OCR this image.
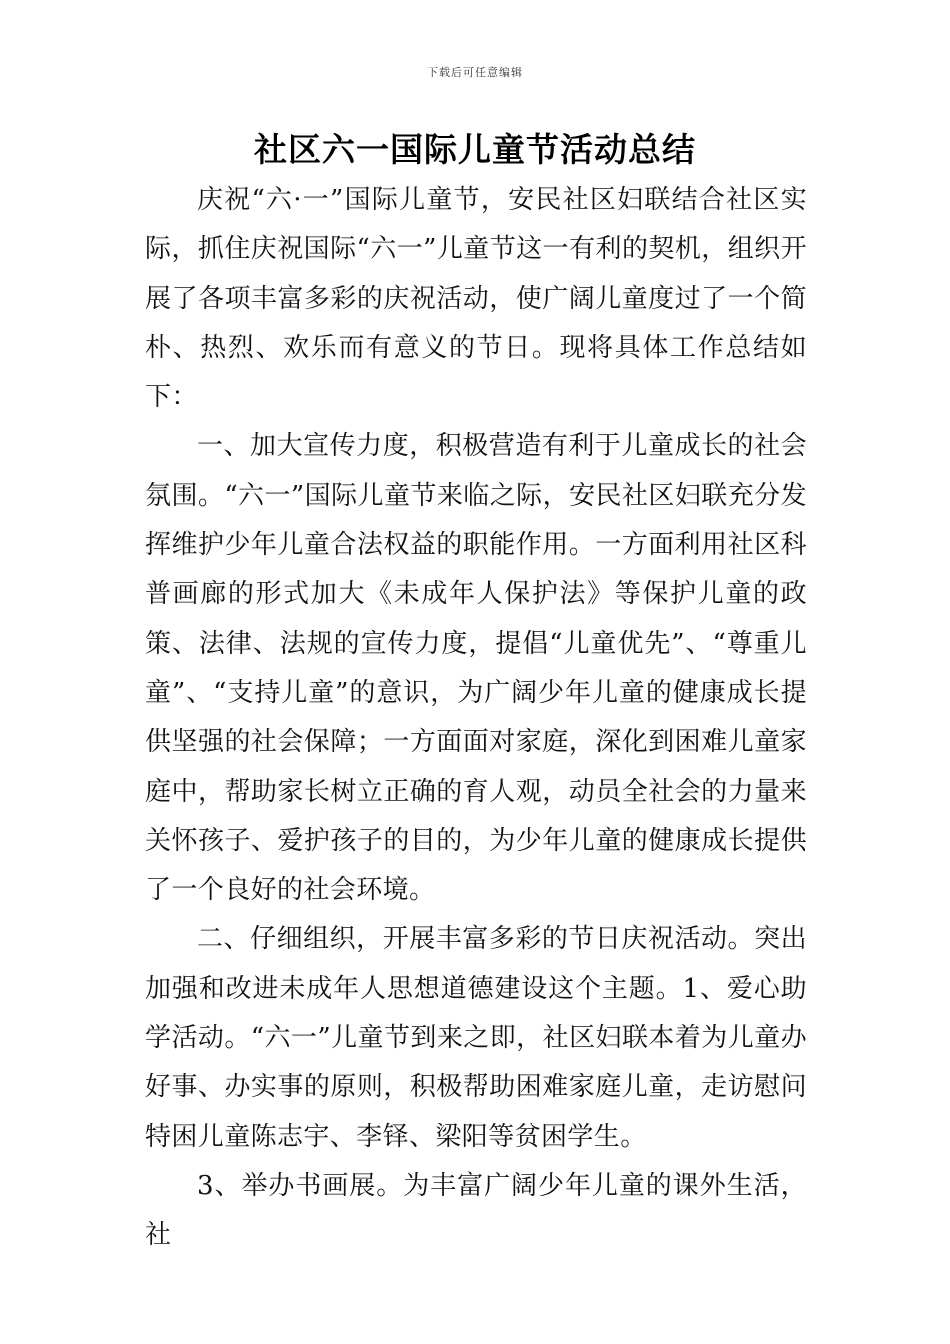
下载后可任意编辑
社区六一国际儿童节活动总结

庆祝“六·一”国际儿童节，安民社区妇联结合社区实际，抓住庆祝国际“六一”儿童节这一有利的契机，组织开展了各项丰富多彩的庆祝活动，使广阔儿童度过了一个简朴、热烈、欢乐而有意义的节日。现将具体工作总结如下：

一、加大宣传力度，积极营造有利于儿童成长的社会氛围。“六一”国际儿童节来临之际，安民社区妇联充分发挥维护少年儿童合法权益的职能作用。一方面利用社区科普画廊的形式加大《未成年人保护法》等保护儿童的政策、法律、法规的宣传力度，提倡“儿童优先”、“尊重儿童”、“支持儿童”的意识，为广阔少年儿童的健康成长提供坚强的社会保障；一方面面对家庭，深化到困难儿童家庭中，帮助家长树立正确的育人观，动员全社会的力量来关怀孩子、爱护孩子的目的，为少年儿童的健康成长提供了一个良好的社会环境。

二、仔细组织，开展丰富多彩的节日庆祝活动。突出加强和改进未成年人思想道德建设这个主题。1、爱心助学活动。“六一”儿童节到来之即，社区妇联本着为儿童办好事、办实事的原则，积极帮助困难家庭儿童，走访慰问特困儿童陈志宇、李铎、梁阳等贫困学生。

3、举办书画展。为丰富广阔少年儿童的课外生活，社
